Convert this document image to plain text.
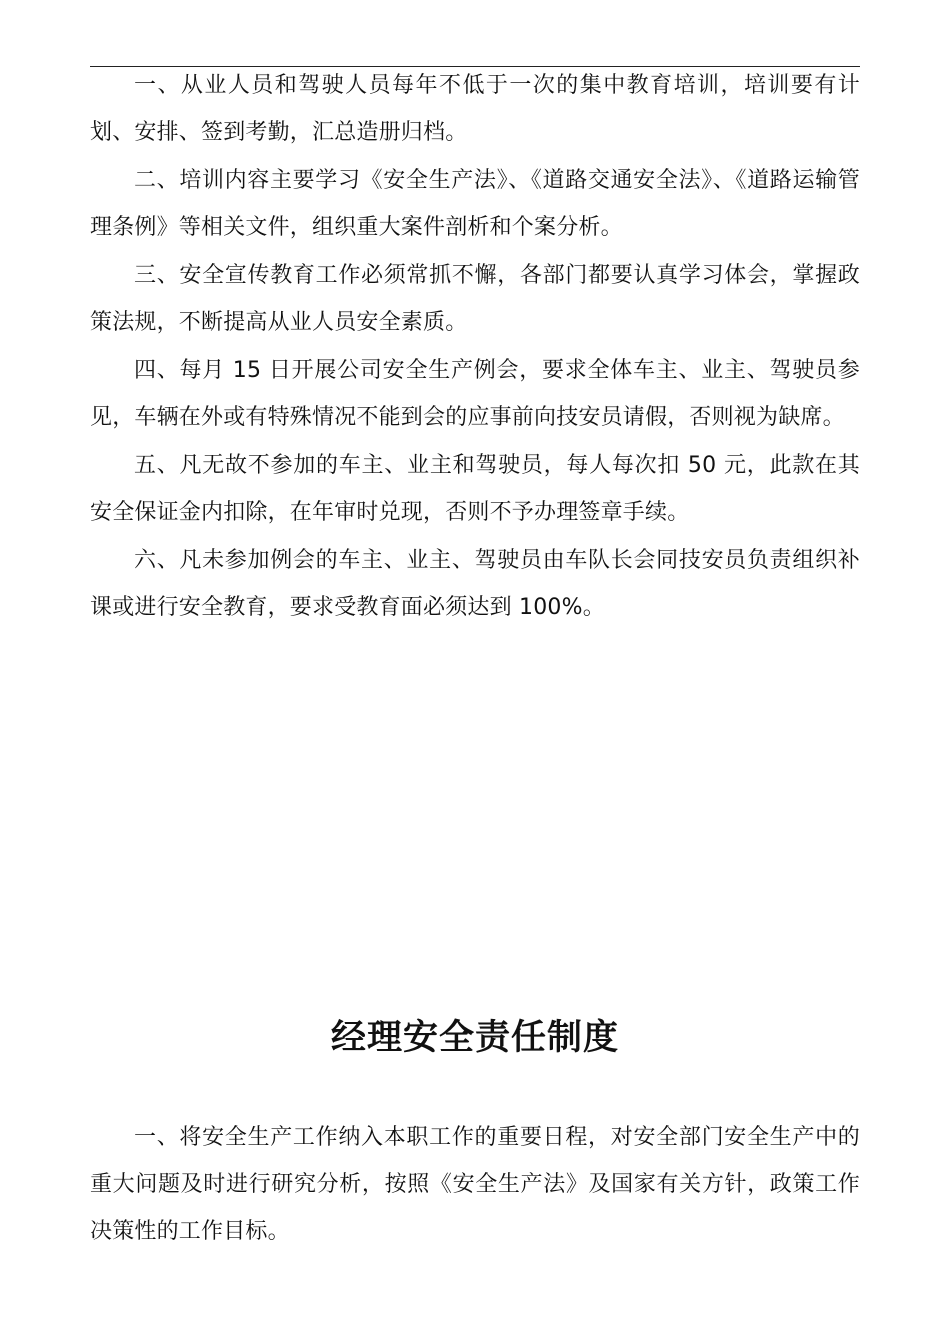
一、从业人员和驾驶人员每年不低于一次的集中教育培训，培训要有计划、安排、签到考勤，汇总造册归档。

二、培训内容主要学习《安全生产法》、《道路交通安全法》、《道路运输管理条例》等相关文件，组织重大案件剖析和个案分析。

三、安全宣传教育工作必须常抓不懈，各部门都要认真学习体会，掌握政策法规，不断提高从业人员安全素质。

四、每月 15 日开展公司安全生产例会，要求全体车主、业主、驾驶员参见，车辆在外或有特殊情况不能到会的应事前向技安员请假，否则视为缺席。

五、凡无故不参加的车主、业主和驾驶员，每人每次扣 50 元，此款在其安全保证金内扣除，在年审时兑现，否则不予办理签章手续。

六、凡未参加例会的车主、业主、驾驶员由车队长会同技安员负责组织补课或进行安全教育，要求受教育面必须达到 100%。

经理安全责任制度

一、将安全生产工作纳入本职工作的重要日程，对安全部门安全生产中的重大问题及时进行研究分析，按照《安全生产法》及国家有关方针，政策工作决策性的工作目标。
